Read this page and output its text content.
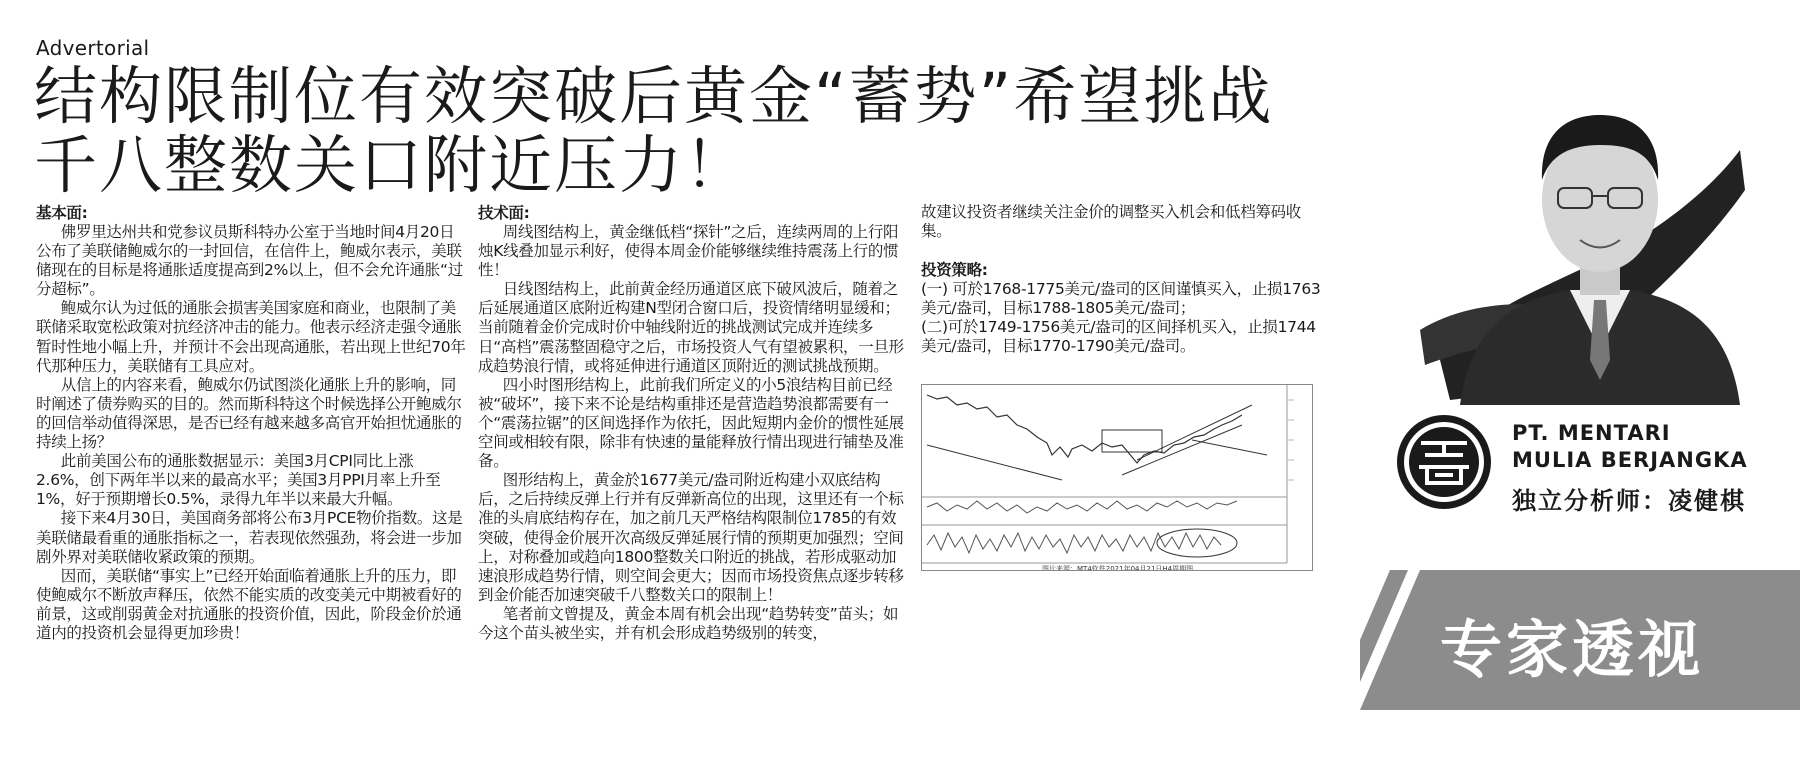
Advertorial
结构限制位有效突破后黄金“蓄势”希望挑战
千八整数关口附近压力！
基本面:

佛罗里达州共和党参议员斯科特办公室于当地时间4月20日公布了美联储鲍威尔的一封回信，在信件上，鲍威尔表示，美联储现在的目标是将通胀适度提高到2%以上，但不会允许通胀“过分超标”。

鲍威尔认为过低的通胀会损害美国家庭和商业，也限制了美联储采取宽松政策对抗经济冲击的能力。他表示经济走强令通胀暂时性地小幅上升，并预计不会出现高通胀，若出现上世纪70年代那种压力，美联储有工具应对。

从信上的内容来看，鲍威尔仍试图淡化通胀上升的影响，同时阐述了债券购买的目的。然而斯科特这个时候选择公开鲍威尔的回信举动值得深思，是否已经有越来越多高官开始担忧通胀的持续上扬？

此前美国公布的通胀数据显示：美国3月CPI同比上涨2.6%，创下两年半以来的最高水平；美国3月PPI月率上升至1%，好于预期增长0.5%，录得九年半以来最大升幅。

接下来4月30日，美国商务部将公布3月PCE物价指数。这是美联储最看重的通胀指标之一，若表现依然强劲，将会进一步加剧外界对美联储收紧政策的预期。

因而，美联储“事实上”已经开始面临着通胀上升的压力，即使鲍威尔不断放声释压，依然不能实质的改变美元中期被看好的前景，这或削弱黄金对抗通胀的投资价值，因此，阶段金价於通道内的投资机会显得更加珍贵！

技术面:

周线图结构上，黄金继低档“探针”之后，连续两周的上行阳烛K线叠加显示利好，使得本周金价能够继续维持震荡上行的惯性！

日线图结构上，此前黄金经历通道区底下破风波后，随着之后延展通道区底附近构建N型闭合窗口后，投资情绪明显缓和；当前随着金价完成时价中轴线附近的挑战测试完成并连续多日“高档”震荡整固稳守之后，市场投资人气有望被累积，一旦形成趋势浪行情，或将延伸进行通道区顶附近的测试挑战预期。

四小时图形结构上，此前我们所定义的小5浪结构目前已经被“破坏”，接下来不论是结构重排还是营造趋势浪都需要有一个“震荡拉锯”的区间选择作为依托，因此短期内金价的惯性延展空间或相较有限，除非有快速的量能释放行情出现进行铺垫及准备。

图形结构上，黄金於1677美元/盎司附近构建小双底结构后，之后持续反弹上行并有反弹新高位的出现，这里还有一个标准的头肩底结构存在，加之前几天严格结构限制位1785的有效突破，使得金价展开次高级反弹延展行情的预期更加强烈；空间上，对称叠加或趋向1800整数关口附近的挑战，若形成驱动加速浪形成趋势行情，则空间会更大；因而市场投资焦点逐步转移到金价能否加速突破千八整数关口的限制上！

笔者前文曾提及，黄金本周有机会出现“趋势转变”苗头；如今这个苗头被坐实，并有机会形成趋势级别的转变，

故建议投资者继续关注金价的调整买入机会和低档筹码收集。

投资策略:

(一) 可於1768-1775美元/盎司的区间谨慎买入，止损1763美元/盎司，目标1788-1805美元/盎司；

(二)可於1749-1756美元/盎司的区间择机买入，止损1744美元/盎司，目标1770-1790美元/盎司。

图片来源：MT4软件2021年04月21日H4周期图
PT. MENTARI
MULIA BERJANGKA
独立分析师：凌健棋
专家透视
